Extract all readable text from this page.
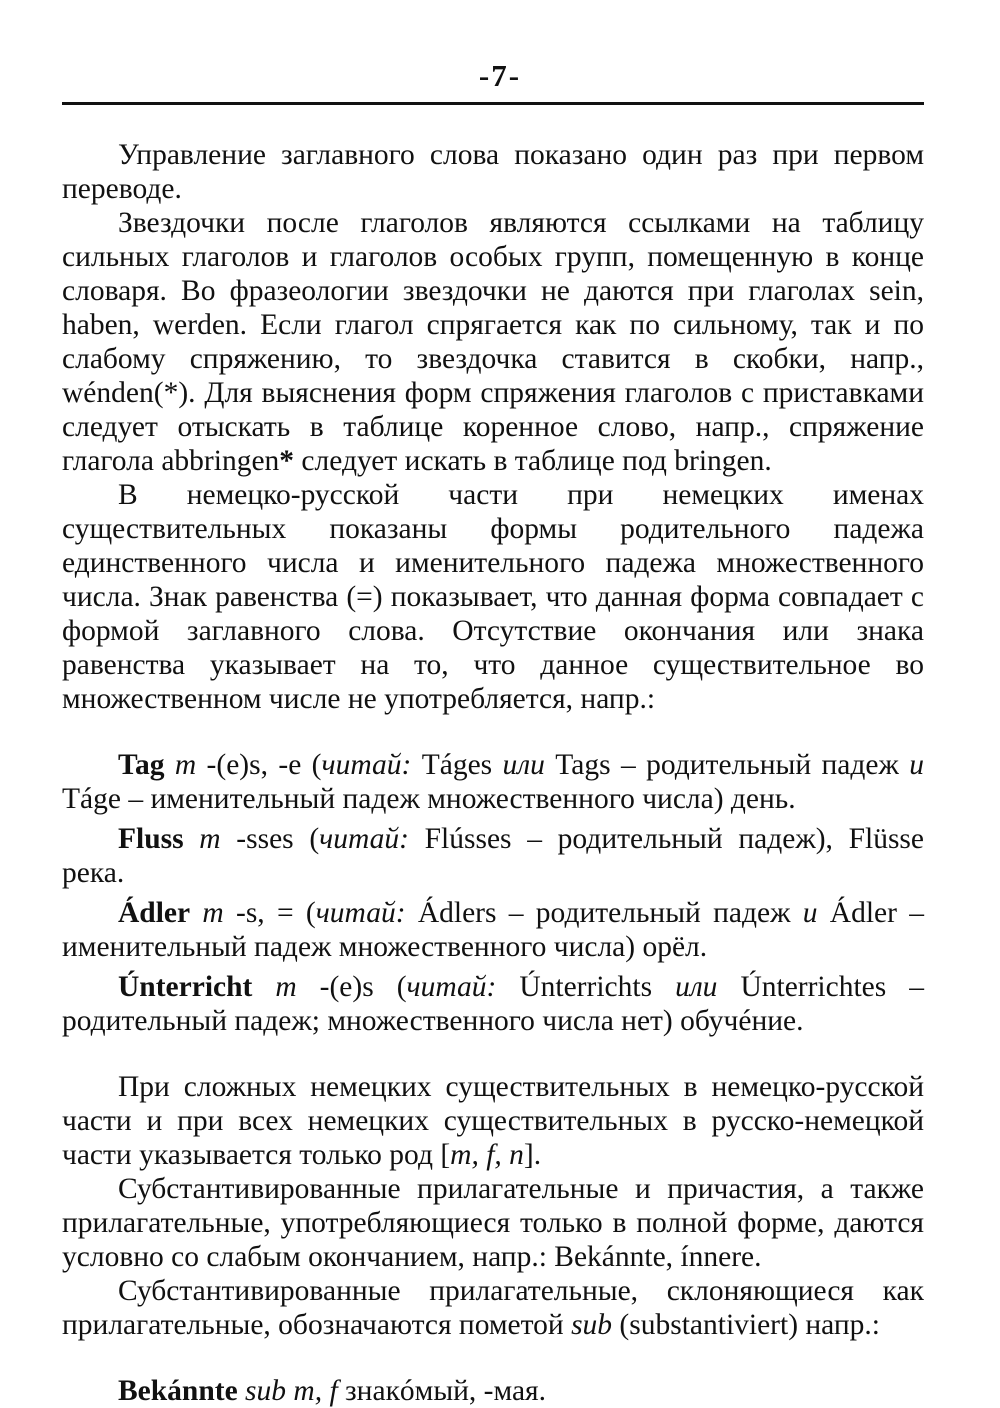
-7-

Управление заглавного слова показано один раз при первом переводе.

Звездочки после глаголов являются ссылками на таблицу сильных глаголов и глаголов особых групп, помещенную в конце словаря. Во фразеологии звездочки не даются при глаголах sein, haben, werden. Если глагол спрягается как по сильному, так и по слабому спряжению, то звездочка ставится в скобки, напр., wénden(*). Для выяснения форм спряжения глаголов с приставками следует отыскать в таблице коренное слово, напр., спряжение глагола abbringen* следует искать в таблице под bringen.

В немецко-русской части при немецких именах существительных показаны формы родительного падежа единственного числа и именительного падежа множественного числа. Знак равенства (=) показывает, что данная форма совпадает с формой заглавного слова. Отсутствие окончания или знака равенства указывает на то, что данное существительное во множественном числе не употребляется, напр.:

Tag m -(e)s, -e (читай: Táges или Tags – родительный падеж и Táge – именительный падеж множественного числа) день.

Fluss m -sses (читай: Flússes – родительный падеж), Flüsse река.

Ádler m -s, = (читай: Ádlers – родительный падеж и Ádler – именительный падеж множественного числа) орёл.

Únterricht m -(e)s (читай: Únterrichts или Únterrichtes – родительный падеж; множественного числа нет) обучéние.

При сложных немецких существительных в немецко-русской части и при всех немецких существительных в русско-немецкой части указывается только род [m, f, n].

Субстантивированные прилагательные и причастия, а также прилагательные, употребляющиеся только в полной форме, даются условно со слабым окончанием, напр.: Bekánnte, ínnere.

Субстантивированные прилагательные, склоняющиеся как прилагательные, обозначаются пометой sub (substantiviert) напр.:

Bekánnte sub m, f знакóмый, -мая.
